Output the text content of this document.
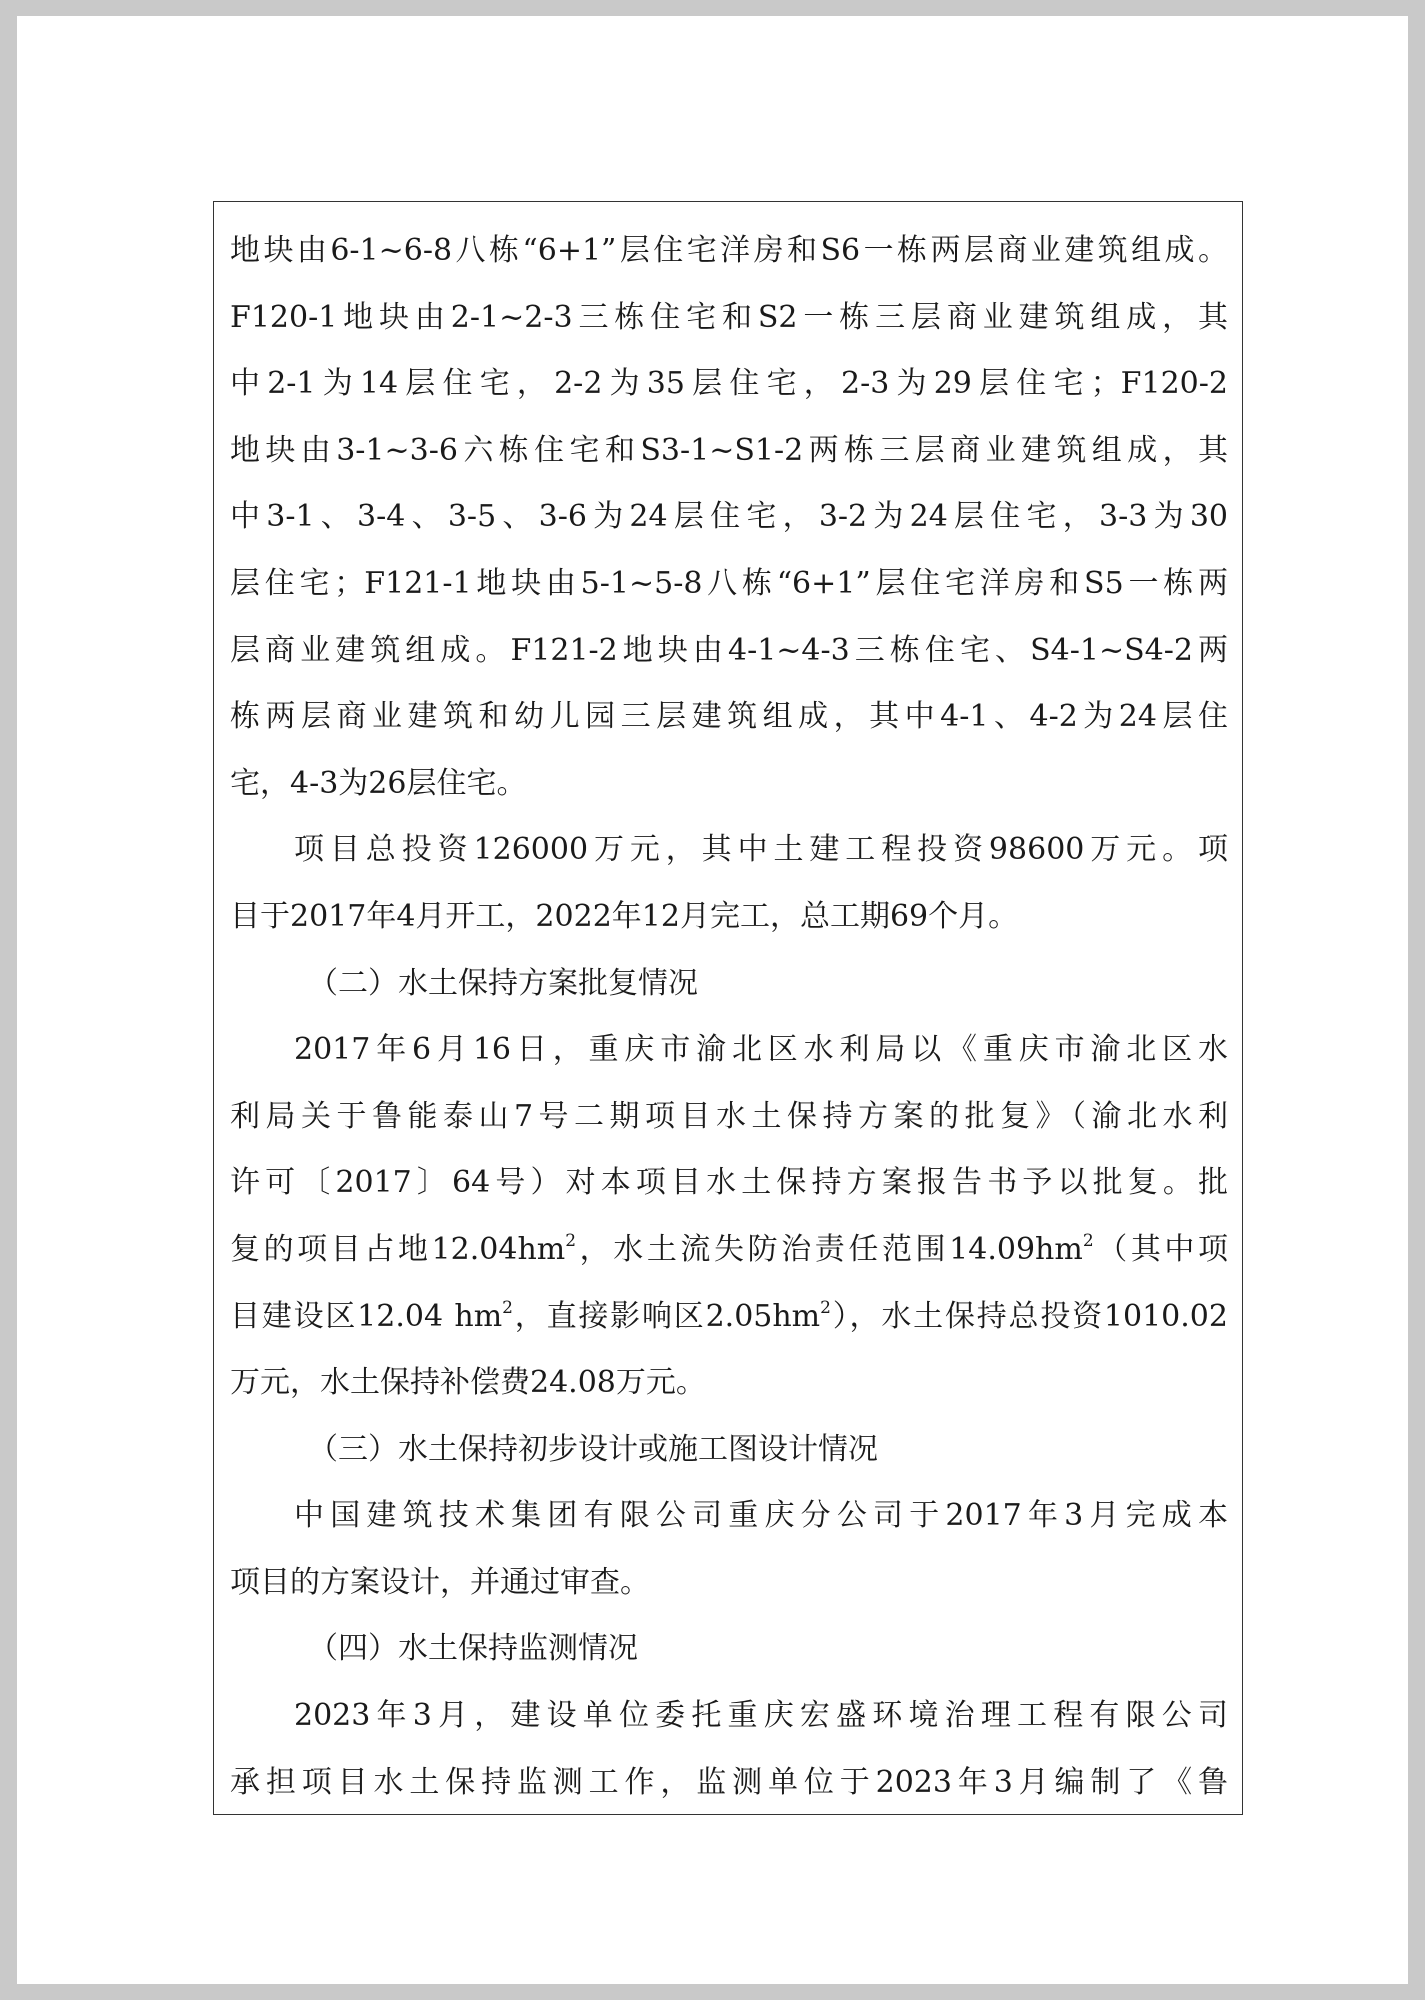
地块由6-1~6-8八栋“6+1”层住宅洋房和S6一栋两层商业建筑组成。
F120-1地块由2-1~2-3三栋住宅和S2一栋三层商业建筑组成，其
中2-1为14层住宅，2-2为35层住宅，2-3为29层住宅；F120-2
地块由3-1~3-6六栋住宅和S3-1~S1-2两栋三层商业建筑组成，其
中3-1、3-4、3-5、3-6为24层住宅，3-2为24层住宅，3-3为30
层住宅；F121-1地块由5-1~5-8八栋“6+1”层住宅洋房和S5一栋两
层商业建筑组成。F121-2地块由4-1~4-3三栋住宅、S4-1~S4-2两
栋两层商业建筑和幼儿园三层建筑组成，其中4-1、4-2为24层住
宅，4-3为26层住宅。
项目总投资126000万元，其中土建工程投资98600万元。项
目于2017年4月开工，2022年12月完工，总工期69个月。
（二）水土保持方案批复情况
2017年6月16日，重庆市渝北区水利局以《重庆市渝北区水
利局关于鲁能泰山7号二期项目水土保持方案的批复》（渝北水利
许可〔2017〕64号）对本项目水土保持方案报告书予以批复。批
复的项目占地$12.04hm^2$，水土流失防治责任范围$14.09hm^2$（其中项
目建设区12.04 $hm^2$，直接影响区$2.05hm^2$），水土保持总投资1010.02
万元，水土保持补偿费24.08万元。
（三）水土保持初步设计或施工图设计情况
中国建筑技术集团有限公司重庆分公司于2017年3月完成本
项目的方案设计，并通过审查。
（四）水土保持监测情况
2023年3月，建设单位委托重庆宏盛环境治理工程有限公司
承担项目水土保持监测工作，监测单位于2023年3月编制了《鲁
